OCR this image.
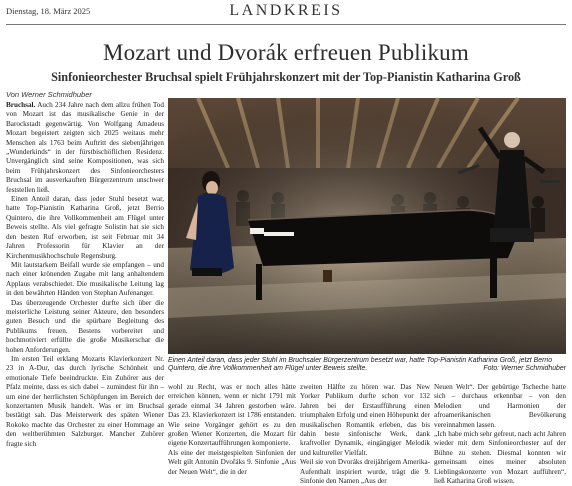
Dienstag, 18. März 2025	LANDKREIS
Mozart und Dvorák erfreuen Publikum
Sinfonieorchester Bruchsal spielt Frühjahrskonzert mit der Top-Pianistin Katharina Groß
Von Werner Schmidhuber

Bruchsal. Auch 234 Jahre nach dem allzu frühen Tod von Mozart ist das musikalische Genie in der Barockstadt gegenwärtig. Von Wolfgang Amadeus Mozart begeistert zeigten sich 2025 weitaus mehr Menschen als 1763 beim Auftritt des siebenjährigen „Wunderkinds“ in der fürstbischöflichen Residenz. Unvergänglich sind seine Kompositionen, was sich beim Frühjahrskonzert des Sinfonieorchesters Bruchsal im ausverkauften Bürgerzentrum unschwer feststellen ließ.

Einen Anteil daran, dass jeder Stuhl besetzt war, hatte Top-Pianistin Katharina Groß, jetzt Berrio Quintero, die ihre Vollkommenheit am Flügel unter Beweis stellte. Als viel gefragte Solistin hat sie sich den besten Ruf erworben, ist seit Februar mit 34 Jahren Professorin für Klavier an der Kirchenmusikhochschule Regensburg.

Mit lautstarkem Beifall wurde sie empfangen – und nach einer krönenden Zugabe mit lang anhaltendem Applaus verabschiedet. Die musikalische Leitung lag in den bewährten Händen von Stephan Aufenanger.

Das überzeugende Orchester durfte sich über die meisterliche Leistung seiner Akteure, den besonders guten Besuch und die spürbare Begleitung des Publikums freuen. Bestens vorbereitet und hochmotiviert erfüllte die große Musikerschar die hohen Anforderungen.

Im ersten Teil erklang Mozarts Klavierkonzert Nr. 23 in A-Dur, das durch lyrische Schönheit und emotionale Tiefe beeindruckte. Ein Zuhörer aus der Pfalz meinte, dass es sich dabei – zumindest für ihn – um eine der herrlichsten Schöpfungen im Bereich der konzertanten Musik handelt. Was er im Bruchsal bestätigt sah. Das Meisterwerk des späten Wiener Rokoko machte das Orchester zu einer Hommage an den weltberühmten Salzburger. Mancher Zuhörer fragte sich

Einen Anteil daran, dass jeder Stuhl im Bruchsaler Bürgerzentrum besetzt war, hatte Top-Pianistin Katharina Groß, jetzt Berrio Quintero, die ihre Vollkommenheit am Flügel unter Beweis stellte.	Foto: Werner Schmidhuber

wohl zu Recht, was er noch alles hätte erreichen können, wenn er nicht 1791 mit gerade einmal 34 Jahren gestorben wäre. Das 23. Klavierkonzert ist 1786 entstanden. Wie seine Vorgänger gehört es zu den großen Wiener Konzerten, die Mozart für eigene Konzertaufführungen komponierte.
Als eine der meistgespielten Sinfonien der Welt gilt Antonín Dvořáks 9. Sinfonie „Aus der Neuen Welt“, die in der

zweiten Hälfte zu hören war. Das New Yorker Publikum durfte schon vor 132 Jahren bei der Erstaufführung einen triumphalen Erfolg und einen Höhepunkt der musikalischen Romantik erleben, das bis dahin beste sinfonische Werk, dank kraftvoller Dynamik, eingängiger Melodik und kultureller Vielfalt.
Weil sie von Dvoráks dreijährigem Amerika-Aufenthalt inspiriert wurde, trägt die 9. Sinfonie den Namen „Aus der

Neuen Welt“. Der gebürtige Tscheche hatte sich – durchaus erkennbar – von den Melodien und Harmonien der afroamerikanischen Bevölkerung vereinnahmen lassen.
„Ich habe mich sehr gefreut, nach acht Jahren wieder mit dem Sinfonieorchester auf der Bühne zu stehen. Diesmal konnten wir gemeinsam eines meiner absoluten Lieblingskonzerte von Mozart aufführen“, ließ Katharina Groß wissen.
